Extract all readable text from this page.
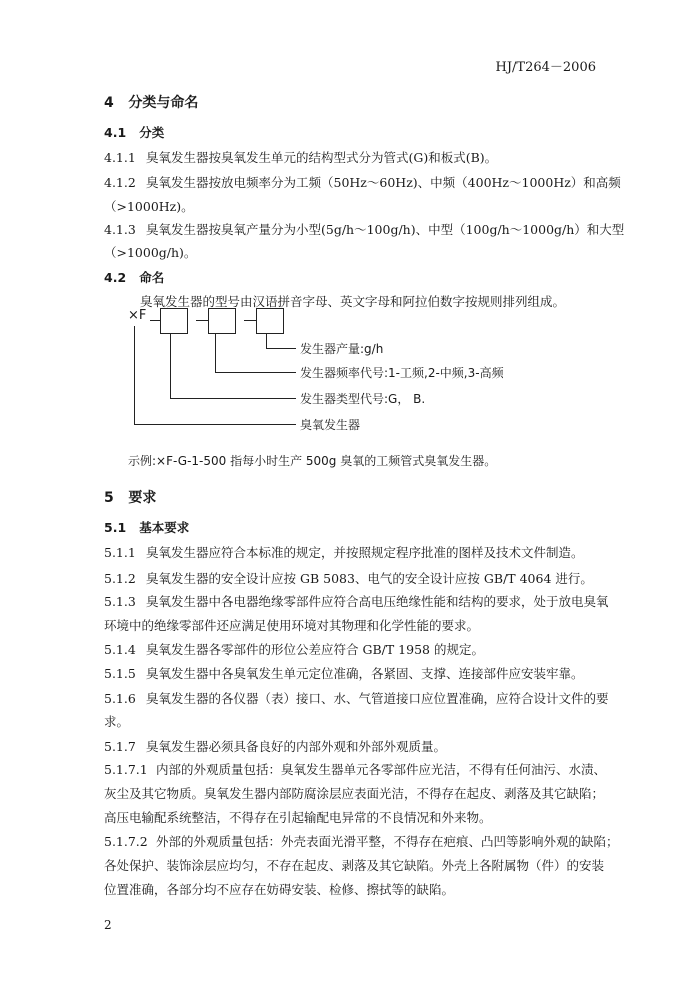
HJ/T264－2006
4 分类与命名
4.1 分类
4.1.1 臭氧发生器按臭氧发生单元的结构型式分为管式(G)和板式(B)。
4.1.2 臭氧发生器按放电频率分为工频（50Hz～60Hz)、中频（400Hz～1000Hz）和高频
（>1000Hz)。
4.1.3 臭氧发生器按臭氧产量分为小型(5g/h～100g/h)、中型（100g/h～1000g/h）和大型
（>1000g/h)。
4.2 命名
臭氧发生器的型号由汉语拼音字母、英文字母和阿拉伯数字按规则排列组成。
×F
发生器产量:g/h
发生器频率代号:1-工频,2-中频,3-高频
发生器类型代号:G， B.
臭氧发生器
示例:×F-G-1-500 指每小时生产 500g 臭氧的工频管式臭氧发生器。
5 要求
5.1 基本要求
5.1.1 臭氧发生器应符合本标准的规定，并按照规定程序批准的图样及技术文件制造。
5.1.2 臭氧发生器的安全设计应按 GB 5083、电气的安全设计应按 GB/T 4064 进行。
5.1.3 臭氧发生器中各电器绝缘零部件应符合高电压绝缘性能和结构的要求，处于放电臭氧
环境中的绝缘零部件还应满足使用环境对其物理和化学性能的要求。
5.1.4 臭氧发生器各零部件的形位公差应符合 GB/T 1958 的规定。
5.1.5 臭氧发生器中各臭氧发生单元定位准确，各紧固、支撑、连接部件应安装牢靠。
5.1.6 臭氧发生器的各仪器（表）接口、水、气管道接口应位置准确，应符合设计文件的要
求。
5.1.7 臭氧发生器必须具备良好的内部外观和外部外观质量。
5.1.7.1 内部的外观质量包括：臭氧发生器单元各零部件应光洁，不得有任何油污、水渍、
灰尘及其它物质。臭氧发生器内部防腐涂层应表面光洁，不得存在起皮、剥落及其它缺陷；
高压电输配系统整洁，不得存在引起输配电异常的不良情况和外来物。
5.1.7.2 外部的外观质量包括：外壳表面光滑平整，不得存在疤痕、凸凹等影响外观的缺陷；
各处保护、装饰涂层应均匀，不存在起皮、剥落及其它缺陷。外壳上各附属物（件）的安装
位置准确，各部分均不应存在妨碍安装、检修、擦拭等的缺陷。
2
